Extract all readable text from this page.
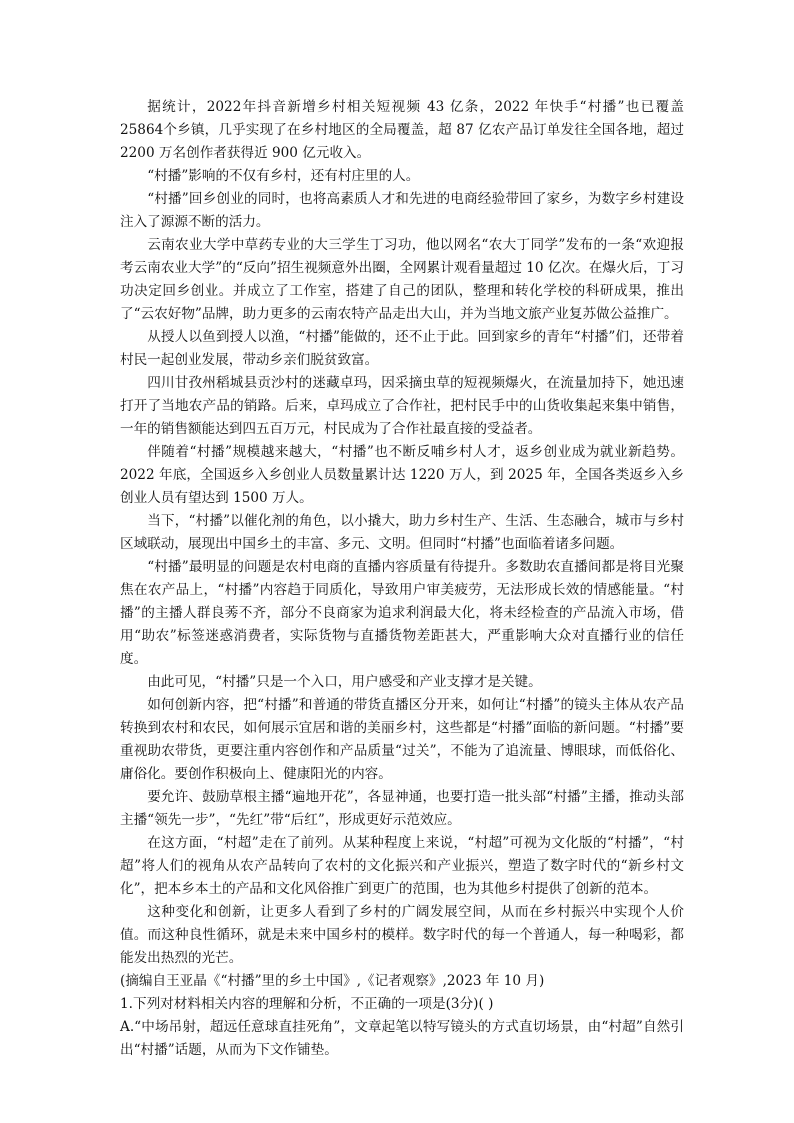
据统计，2022年抖音新增乡村相关短视频 43 亿条，2022 年快手“村播”也已覆盖 25864个乡镇，几乎实现了在乡村地区的全局覆盖，超 87 亿农产品订单发往全国各地，超过 2200 万名创作者获得近 900 亿元收入。

“村播”影响的不仅有乡村，还有村庄里的人。

“村播”回乡创业的同时，也将高素质人才和先进的电商经验带回了家乡，为数字乡村建设注入了源源不断的活力。

云南农业大学中草药专业的大三学生丁习功，他以网名“农大丁同学”发布的一条“欢迎报考云南农业大学”的“反向”招生视频意外出圈，全网累计观看量超过 10 亿次。在爆火后，丁习功决定回乡创业。并成立了工作室，搭建了自己的团队，整理和转化学校的科研成果，推出了“云农好物”品牌，助力更多的云南农特产品走出大山，并为当地文旅产业复苏做公益推广。

从授人以鱼到授人以渔，“村播”能做的，还不止于此。回到家乡的青年“村播”们，还带着村民一起创业发展，带动乡亲们脱贫致富。

四川甘孜州稻城县贡沙村的迷藏卓玛，因采摘虫草的短视频爆火，在流量加持下，她迅速打开了当地农产品的销路。后来，卓玛成立了合作社，把村民手中的山货收集起来集中销售，一年的销售额能达到四五百万元，村民成为了合作社最直接的受益者。

伴随着“村播”规模越来越大，“村播”也不断反哺乡村人才，返乡创业成为就业新趋势。2022 年底，全国返乡入乡创业人员数量累计达 1220 万人，到 2025 年，全国各类返乡入乡创业人员有望达到 1500 万人。

当下，“村播”以催化剂的角色，以小撬大，助力乡村生产、生活、生态融合，城市与乡村区域联动，展现出中国乡土的丰富、多元、文明。但同时“村播”也面临着诸多问题。

“村播”最明显的问题是农村电商的直播内容质量有待提升。多数助农直播间都是将目光聚焦在农产品上，“村播”内容趋于同质化，导致用户审美疲劳，无法形成长效的情感能量。“村播”的主播人群良莠不齐，部分不良商家为追求利润最大化，将未经检查的产品流入市场，借用“助农”标签迷惑消费者，实际货物与直播货物差距甚大，严重影响大众对直播行业的信任度。

由此可见，“村播”只是一个入口，用户感受和产业支撑才是关键。

如何创新内容，把“村播”和普通的带货直播区分开来，如何让“村播”的镜头主体从农产品转换到农村和农民，如何展示宜居和谐的美丽乡村，这些都是“村播”面临的新问题。“村播”要重视助农带货，更要注重内容创作和产品质量“过关”，不能为了追流量、博眼球，而低俗化、庸俗化。要创作积极向上、健康阳光的内容。

要允许、鼓励草根主播“遍地开花”，各显神通，也要打造一批头部“村播”主播，推动头部主播“领先一步”，“先红”带“后红”，形成更好示范效应。

在这方面，“村超”走在了前列。从某种程度上来说，“村超”可视为文化版的“村播”，“村超”将人们的视角从农产品转向了农村的文化振兴和产业振兴，塑造了数字时代的“新乡村文化”，把本乡本土的产品和文化风俗推广到更广的范围，也为其他乡村提供了创新的范本。

这种变化和创新，让更多人看到了乡村的广阔发展空间，从而在乡村振兴中实现个人价值。而这种良性循环，就是未来中国乡村的模样。数字时代的每一个普通人，每一种喝彩，都能发出热烈的光芒。

(摘编自王亚晶《“村播”里的乡土中国》,《记者观察》,2023 年 10 月)

1.下列对材料相关内容的理解和分析，不正确的一项是(3分)( )

A.“中场吊射，超远任意球直挂死角”，文章起笔以特写镜头的方式直切场景，由“村超”自然引出“村播”话题，从而为下文作铺垫。
